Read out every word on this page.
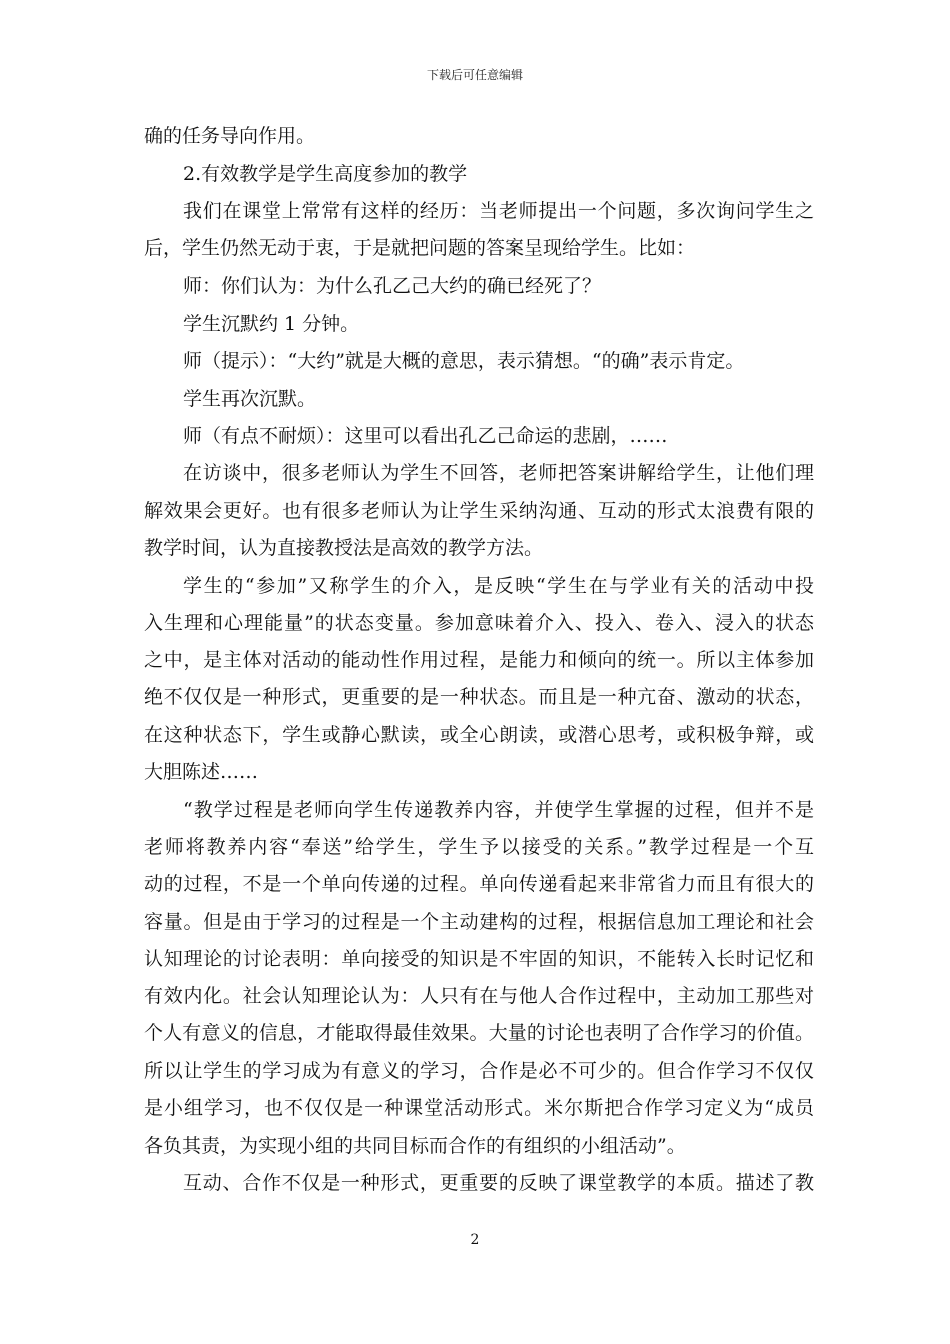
下载后可任意编辑
确的任务导向作用。
2.有效教学是学生高度参加的教学
我们在课堂上常常有这样的经历：当老师提出一个问题，多次询问学生之
后，学生仍然无动于衷，于是就把问题的答案呈现给学生。比如：
师：你们认为：为什么孔乙己大约的确已经死了？
学生沉默约 1 分钟。
师（提示）：“大约”就是大概的意思，表示猜想。“的确”表示肯定。
学生再次沉默。
师（有点不耐烦）：这里可以看出孔乙己命运的悲剧，……
在访谈中，很多老师认为学生不回答，老师把答案讲解给学生，让他们理
解效果会更好。也有很多老师认为让学生采纳沟通、互动的形式太浪费有限的
教学时间，认为直接教授法是高效的教学方法。
学生的“参加”又称学生的介入，是反映“学生在与学业有关的活动中投
入生理和心理能量”的状态变量。参加意味着介入、投入、卷入、浸入的状态
之中，是主体对活动的能动性作用过程，是能力和倾向的统一。所以主体参加
绝不仅仅是一种形式，更重要的是一种状态。而且是一种亢奋、激动的状态，
在这种状态下，学生或静心默读，或全心朗读，或潜心思考，或积极争辩，或
大胆陈述……
“教学过程是老师向学生传递教养内容，并使学生掌握的过程，但并不是
老师将教养内容“奉送”给学生，学生予以接受的关系。”教学过程是一个互
动的过程，不是一个单向传递的过程。单向传递看起来非常省力而且有很大的
容量。但是由于学习的过程是一个主动建构的过程，根据信息加工理论和社会
认知理论的讨论表明：单向接受的知识是不牢固的知识，不能转入长时记忆和
有效内化。社会认知理论认为：人只有在与他人合作过程中，主动加工那些对
个人有意义的信息，才能取得最佳效果。大量的讨论也表明了合作学习的价值。
所以让学生的学习成为有意义的学习，合作是必不可少的。但合作学习不仅仅
是小组学习，也不仅仅是一种课堂活动形式。米尔斯把合作学习定义为“成员
各负其责，为实现小组的共同目标而合作的有组织的小组活动”。
互动、合作不仅是一种形式，更重要的反映了课堂教学的本质。描述了教
2
